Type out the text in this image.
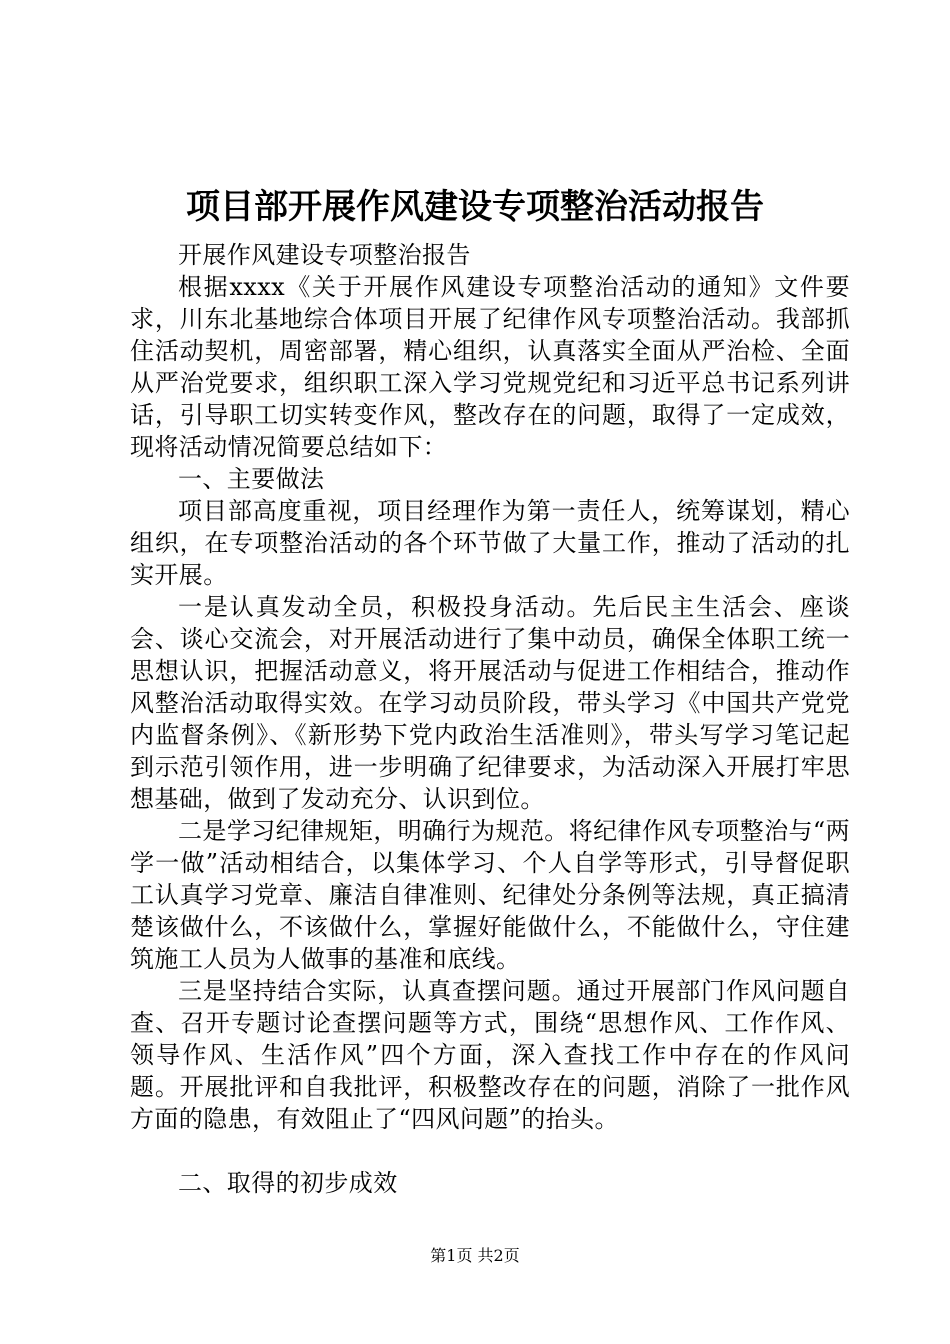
项目部开展作风建设专项整治活动报告

开展作风建设专项整治报告

根据xxxx《关于开展作风建设专项整治活动的通知》文件要求，川东北基地综合体项目开展了纪律作风专项整治活动。我部抓住活动契机，周密部署，精心组织，认真落实全面从严治检、全面从严治党要求，组织职工深入学习党规党纪和习近平总书记系列讲话，引导职工切实转变作风，整改存在的问题，取得了一定成效，现将活动情况简要总结如下：

一、主要做法

项目部高度重视，项目经理作为第一责任人，统筹谋划，精心组织，在专项整治活动的各个环节做了大量工作，推动了活动的扎实开展。

一是认真发动全员，积极投身活动。先后民主生活会、座谈会、谈心交流会，对开展活动进行了集中动员，确保全体职工统一思想认识，把握活动意义，将开展活动与促进工作相结合，推动作风整治活动取得实效。在学习动员阶段，带头学习《中国共产党党内监督条例》、《新形势下党内政治生活准则》，带头写学习笔记起到示范引领作用，进一步明确了纪律要求，为活动深入开展打牢思想基础，做到了发动充分、认识到位。

二是学习纪律规矩，明确行为规范。将纪律作风专项整治与“两学一做”活动相结合，以集体学习、个人自学等形式，引导督促职工认真学习党章、廉洁自律准则、纪律处分条例等法规，真正搞清楚该做什么，不该做什么，掌握好能做什么，不能做什么，守住建筑施工人员为人做事的基准和底线。

三是坚持结合实际，认真查摆问题。通过开展部门作风问题自查、召开专题讨论查摆问题等方式，围绕“思想作风、工作作风、领导作风、生活作风”四个方面，深入查找工作中存在的作风问题。开展批评和自我批评，积极整改存在的问题，消除了一批作风方面的隐患，有效阻止了“四风问题”的抬头。

二、取得的初步成效

第1页 共2页
